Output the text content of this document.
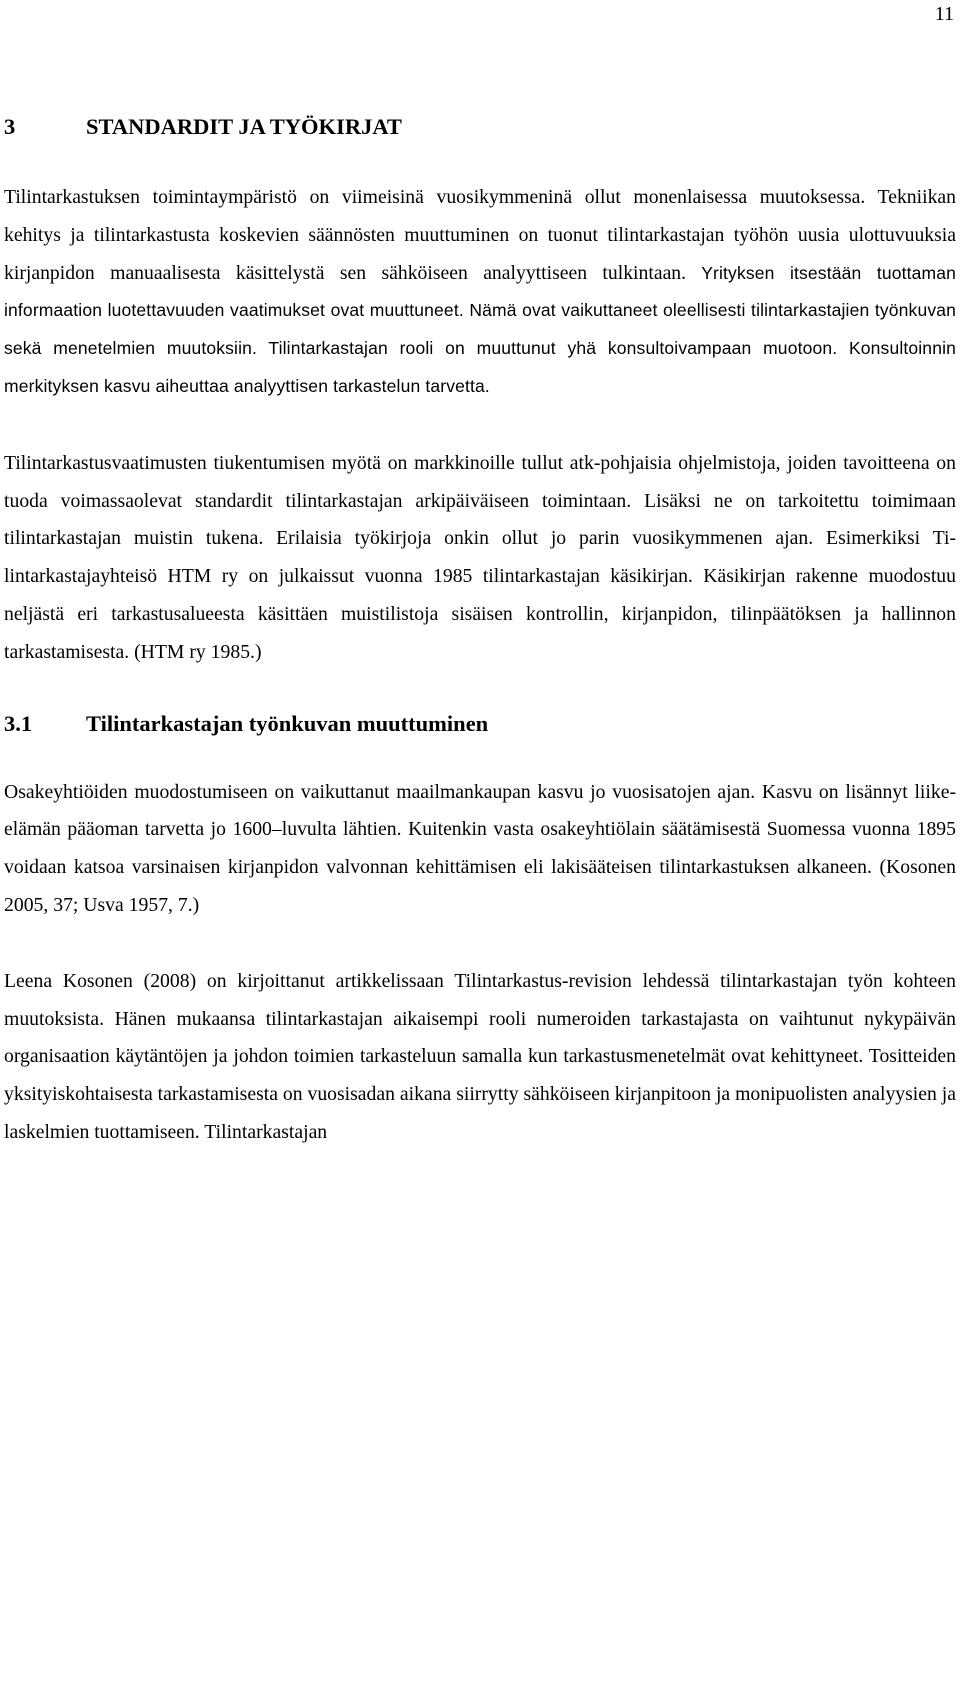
11
3	STANDARDIT JA TYÖKIRJAT

Tilintarkastuksen toimintaympäristö on viimeisinä vuosikymmeninä ollut monenlaisessa muutoksessa. Tekniikan kehitys ja tilintarkastusta koskevien säännösten muuttuminen on tuonut tilintarkastajan työhön uusia ulottuvuuksia kirjanpidon manuaalisesta käsittelystä sen sähköiseen analyyttiseen tulkintaan. Yrityksen itsestään tuottaman informaation luotettavuuden vaatimukset ovat muuttuneet. Nämä ovat vaikuttaneet oleellisesti tilintarkastajien työnkuvan sekä menetelmien muutoksiin. Tilintarkastajan rooli on muuttunut yhä konsultoivampaan muotoon. Konsultoinnin merkityksen kasvu aiheuttaa analyyttisen tarkastelun tarvetta.

Tilintarkastusvaatimusten tiukentumisen myötä on markkinoille tullut atk-pohjaisia ohjelmistoja, joiden tavoitteena on tuoda voimassaolevat standardit tilintarkastajan arkipäiväiseen toimintaan. Lisäksi ne on tarkoitettu toimimaan tilintarkastajan muistin tukena. Erilaisia työkirjoja onkin ollut jo parin vuosikymmenen ajan. Esimerkiksi Tilintarkastajayhteisö HTM ry on julkaissut vuonna 1985 tilintarkastajan käsikirjan. Käsikirjan rakenne muodostuu neljästä eri tarkastusalueesta käsittäen muistilistoja sisäisen kontrollin, kirjanpidon, tilinpäätöksen ja hallinnon tarkastamisesta. (HTM ry 1985.)

3.1 Tilintarkastajan työnkuvan muuttuminen

Osakeyhtiöiden muodostumiseen on vaikuttanut maailmankaupan kasvu jo vuosisatojen ajan. Kasvu on lisännyt liike-elämän pääoman tarvetta jo 1600–luvulta lähtien. Kuitenkin vasta osakeyhtiölain säätämisestä Suomessa vuonna 1895 voidaan katsoa varsinaisen kirjanpidon valvonnan kehittämisen eli lakisääteisen tilintarkastuksen alkaneen. (Kosonen 2005, 37; Usva 1957, 7.)

Leena Kosonen (2008) on kirjoittanut artikkelissaan Tilintarkastus-revision lehdessä tilintarkastajan työn kohteen muutoksista. Hänen mukaansa tilintarkastajan aikaisempi rooli numeroiden tarkastajasta on vaihtunut nykypäivän organisaation käytäntöjen ja johdon toimien tarkasteluun samalla kun tarkastusmenetelmät ovat kehittyneet. Tositteiden yksityiskohtaisesta tarkastamisesta on vuosisadan aikana siirrytty sähköiseen kirjanpitoon ja monipuolisten analyysien ja laskelmien tuottamiseen. Tilintarkastajan
